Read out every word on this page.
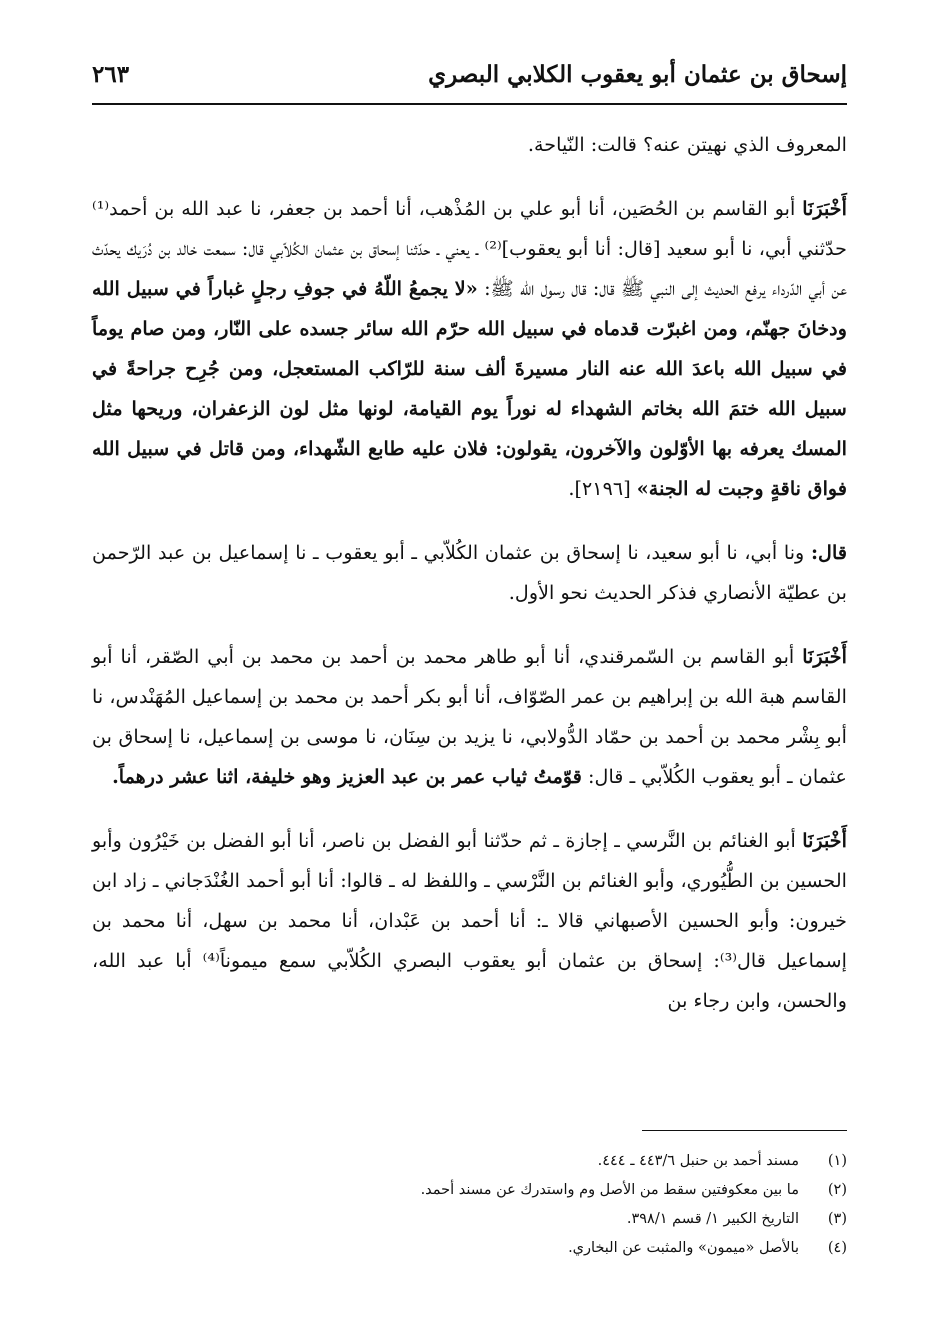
إسحاق بن عثمان أبو يعقوب الكلابي البصري
٢٦٣

المعروف الذي نهيتن عنه؟ قالت: النّياحة.

أَخْبَرَنَا أبو القاسم بن الحُصَين، أنا أبو علي بن المُذْهب، أنا أحمد بن جعفر، نا عبد الله بن أحمد⁽¹⁾ حدّثني أبي، نا أبو سعيد [قال: أنا أبو يعقوب]⁽²⁾ ـ يعني ـ حدّثنا إسحاق بن عثمان الكُلاّبي قال: سمعت خالد بن دُرَيك يحدّث عن أبي الدّرداء يرفع الحديث إلى النبي ﷺ قال: قال رسول الله ﷺ: «لا يجمعُ اللّهُ في جوفِ رجلٍ غباراً في سبيل الله ودخانَ جهنّم، ومن اغبرّت قدماه في سبيل الله حرّم الله سائر جسده على النّار، ومن صام يوماً في سبيل الله باعدَ الله عنه النار مسيرةَ ألف سنة للرّاكب المستعجل، ومن جُرِح جراحةً في سبيل الله ختمَ الله بخاتم الشهداء له نوراً يوم القيامة، لونها مثل لون الزعفران، وريحها مثل المسك يعرفه بها الأوّلون والآخرون، يقولون: فلان عليه طابع الشّهداء، ومن قاتل في سبيل الله فواق ناقةٍ وجبت له الجنة» [٢١٩٦].

قال: ونا أبي، نا أبو سعيد، نا إسحاق بن عثمان الكُلاّبي ـ أبو يعقوب ـ نا إسماعيل بن عبد الرّحمن بن عطيّة الأنصاري فذكر الحديث نحو الأول.

أَخْبَرَنَا أبو القاسم بن السّمرقندي، أنا أبو طاهر محمد بن أحمد بن محمد بن أبي الصّقر، أنا أبو القاسم هبة الله بن إبراهيم بن عمر الصّوّاف، أنا أبو بكر أحمد بن محمد بن إسماعيل المُهَنْدس، نا أبو بِشْر محمد بن أحمد بن حمّاد الدُّولابي، نا يزيد بن سِنَان، نا موسى بن إسماعيل، نا إسحاق بن عثمان ـ أبو يعقوب الكُلاّبي ـ قال: قوّمتُ ثياب عمر بن عبد العزيز وهو خليفة، اثنا عشر درهماً.

أَخْبَرَنَا أبو الغنائم بن النَّرسي ـ إجازة ـ ثم حدّثنا أبو الفضل بن ناصر، أنا أبو الفضل بن خَيْرُون وأبو الحسين بن الطُّيُوري، وأبو الغنائم بن النَّرْسي ـ واللفظ له ـ قالوا: أنا أبو أحمد الغُنْدَجاني ـ زاد ابن خيرون: وأبو الحسين الأصبهاني قالا ـ: أنا أحمد بن عَبْدان، أنا محمد بن سهل، أنا محمد بن إسماعيل قال⁽³⁾: إسحاق بن عثمان أبو يعقوب البصري الكُلاّبي سمع ميموناً⁽⁴⁾ أبا عبد الله، والحسن، وابن رجاء بن

(١)
مسند أحمد بن حنبل ٤٤٣/٦ ـ ٤٤٤.
(٢)
ما بين معكوفتين سقط من الأصل وم واستدرك عن مسند أحمد.
(٣)
التاريخ الكبير ١/ قسم ٣٩٨/١.
(٤)
بالأصل «ميمون» والمثبت عن البخاري.
